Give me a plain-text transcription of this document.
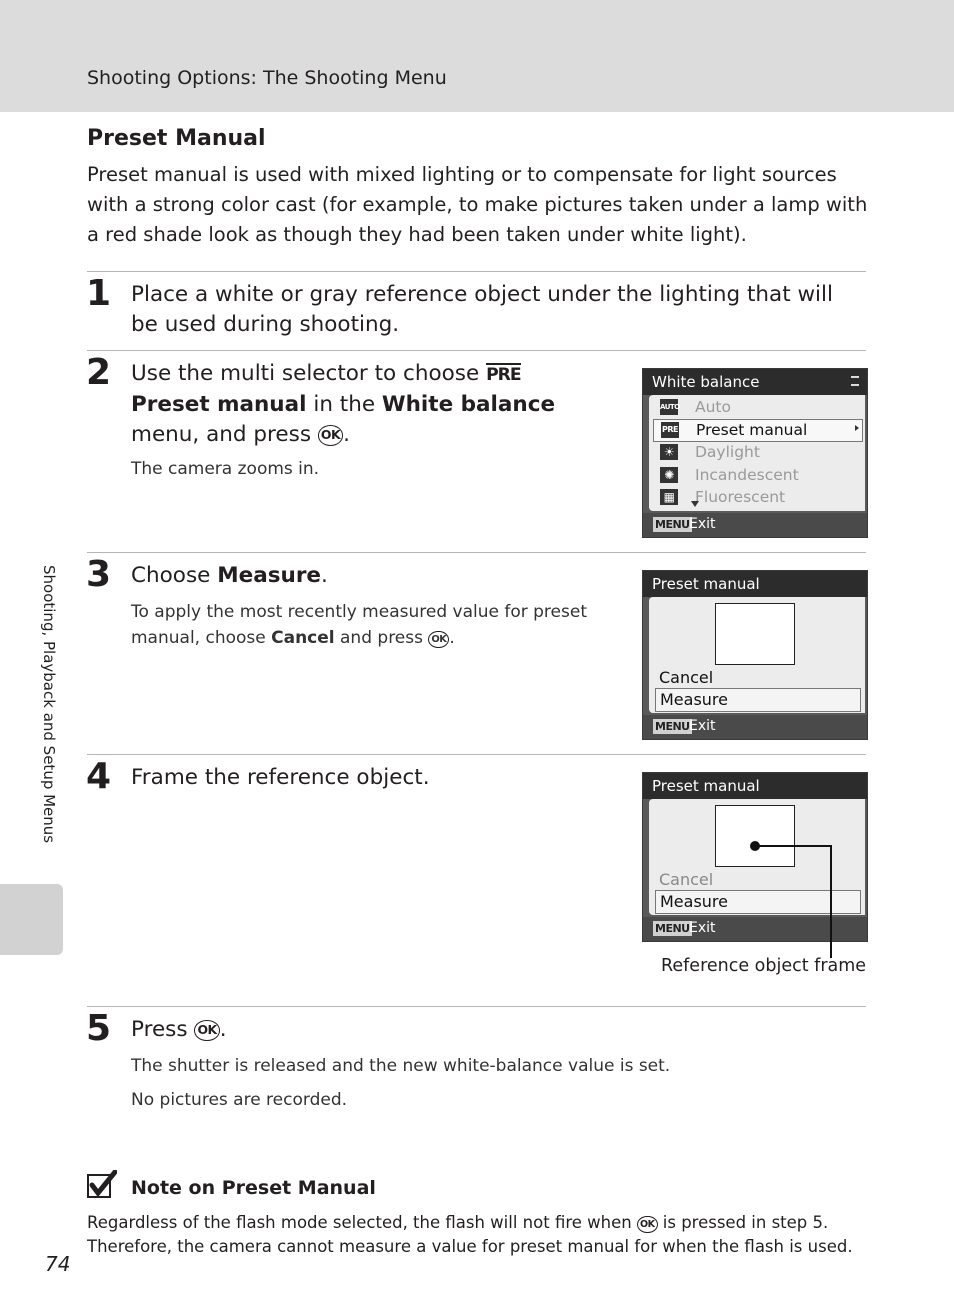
Shooting Options: The Shooting Menu
Shooting, Playback and Setup Menus
Preset Manual
Preset manual is used with mixed lighting or to compensate for light sources with a strong color cast (for example, to make pictures taken under a lamp with a red shade look as though they had been taken under white light).
1 Place a white or gray reference object under the lighting that will be used during shooting.
2 Use the multi selector to choose PRE Preset manual in the White balance menu, and press OK .
The camera zooms in.
White balance
AUTO Auto
PRE Preset manual
☀ Daylight
✺ Incandescent
▦ Fluorescent
MENU Exit
3 Choose Measure.
To apply the most recently measured value for preset manual, choose Cancel and press OK .
Preset manual
Cancel
Measure
MENU Exit
4 Frame the reference object.	Preset manual
Cancel
Measure
MENU Exit
Reference object frame
5 Press OK .
The shutter is released and the new white-balance value is set.
No pictures are recorded.
Note on Preset Manual
Regardless of the flash mode selected, the flash will not fire when OK is pressed in step 5. Therefore, the camera cannot measure a value for preset manual for when the flash is used.
74
